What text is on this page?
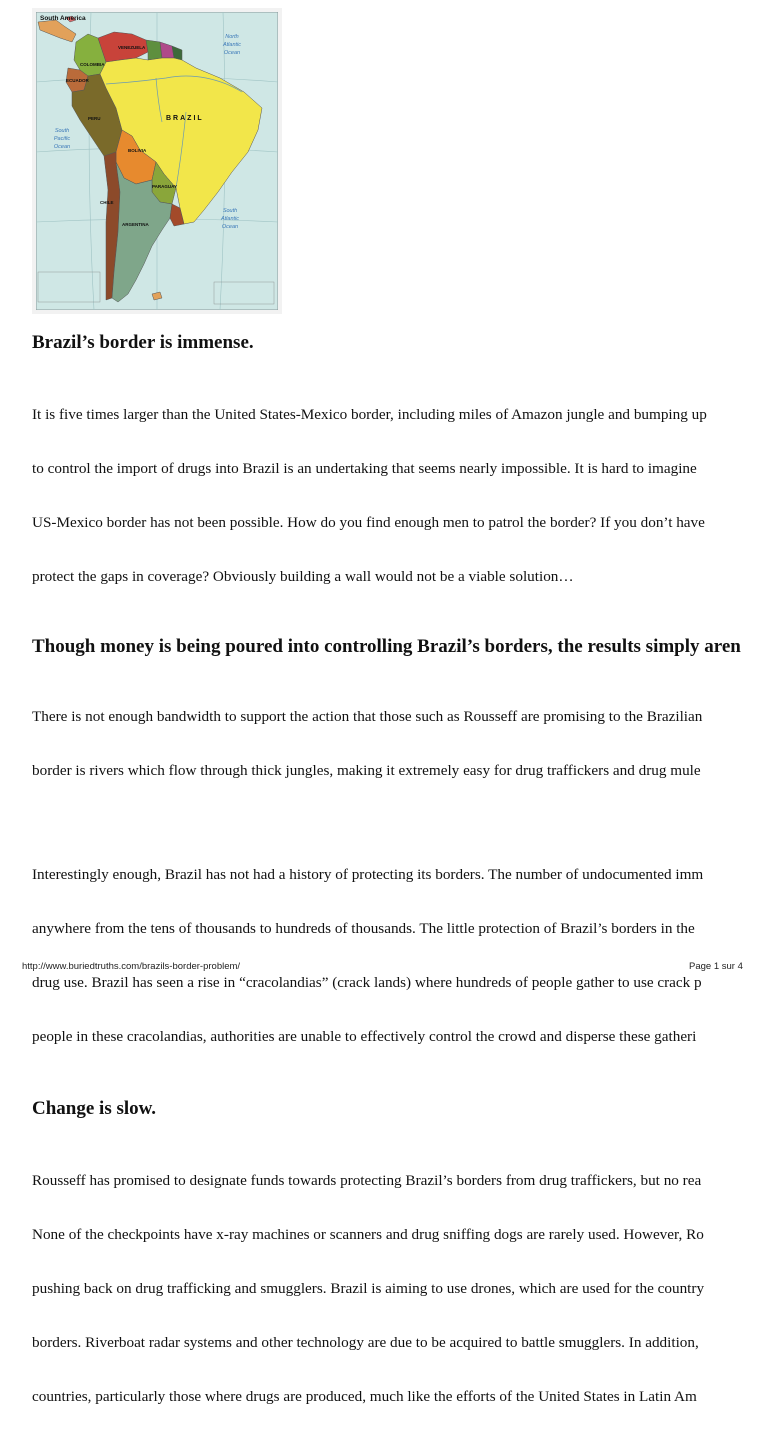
South America
VENEZUELA
COLOMBIA
ECUADOR
PERU
BOLIVIA
PARAGUAY
CHILE
ARGENTINA
BRAZIL
North
Atlantic
Ocean
South
Pacific
Ocean
South
Atlantic
Ocean
Brazil’s border is immense.

It is five times larger than the United States-Mexico border, including miles of Amazon jungle and bumping up

to control the import of drugs into Brazil is an undertaking that seems nearly impossible. It is hard to imagine

US-Mexico border has not been possible. How do you find enough men to patrol the border? If you don’t have

protect the gaps in coverage? Obviously building a wall would not be a viable solution…

Though money is being poured into controlling Brazil’s borders, the results simply aren

There is not enough bandwidth to support the action that those such as Rousseff are promising to the Brazilian

border is rivers which flow through thick jungles, making it extremely easy for drug traffickers and drug mule

Interestingly enough, Brazil has not had a history of protecting its borders. The number of undocumented imm

anywhere from the tens of thousands to hundreds of thousands. The little protection of Brazil’s borders in the

drug use. Brazil has seen a rise in “cracolandias” (crack lands) where hundreds of people gather to use crack p

people in these cracolandias, authorities are unable to effectively control the crowd and disperse these gatheri

Change is slow.

Rousseff has promised to designate funds towards protecting Brazil’s borders from drug traffickers, but no rea

None of the checkpoints have x-ray machines or scanners and drug sniffing dogs are rarely used. However, Ro

pushing back on drug trafficking and smugglers. Brazil is aiming to use drones, which are used for the country

borders. Riverboat radar systems and other technology are due to be acquired to battle smugglers. In addition,

countries, particularly those where drugs are produced, much like the efforts of the United States in Latin Am

http://www.buriedtruths.com/brazils-border-problem/	Page 1 sur 4
